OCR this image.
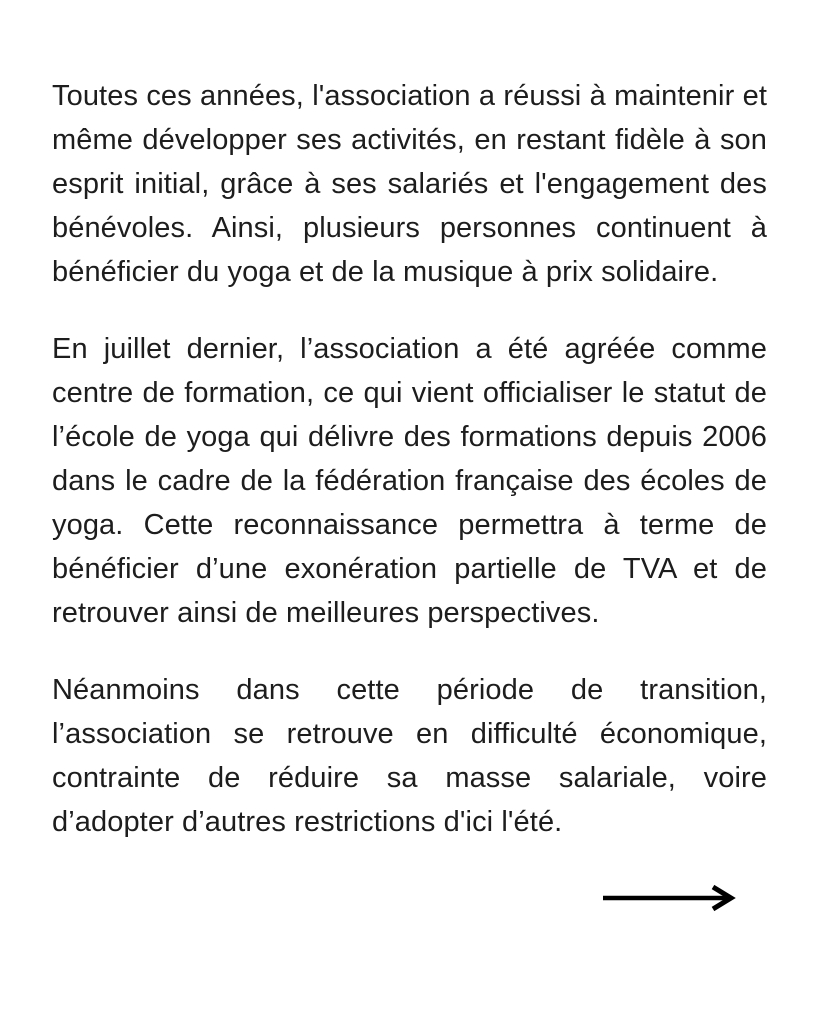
Toutes ces années, l'association a réussi à maintenir et même développer ses activités, en restant fidèle à son esprit initial, grâce à ses salariés et l'engagement des bénévoles. Ainsi, plusieurs personnes continuent à bénéficier du yoga et de la musique à prix solidaire.

En juillet dernier, l’association a été agréée comme centre de formation, ce qui vient officialiser le statut de l’école de yoga qui délivre des formations depuis 2006 dans le cadre de la fédération française des écoles de yoga. Cette reconnaissance permettra à terme de bénéficier d’une exonération partielle de TVA et de retrouver ainsi de meilleures perspectives.

Néanmoins dans cette période de transition, l’association se retrouve en difficulté économique, contrainte de réduire sa masse salariale, voire d’adopter d’autres restrictions d'ici l'été.
